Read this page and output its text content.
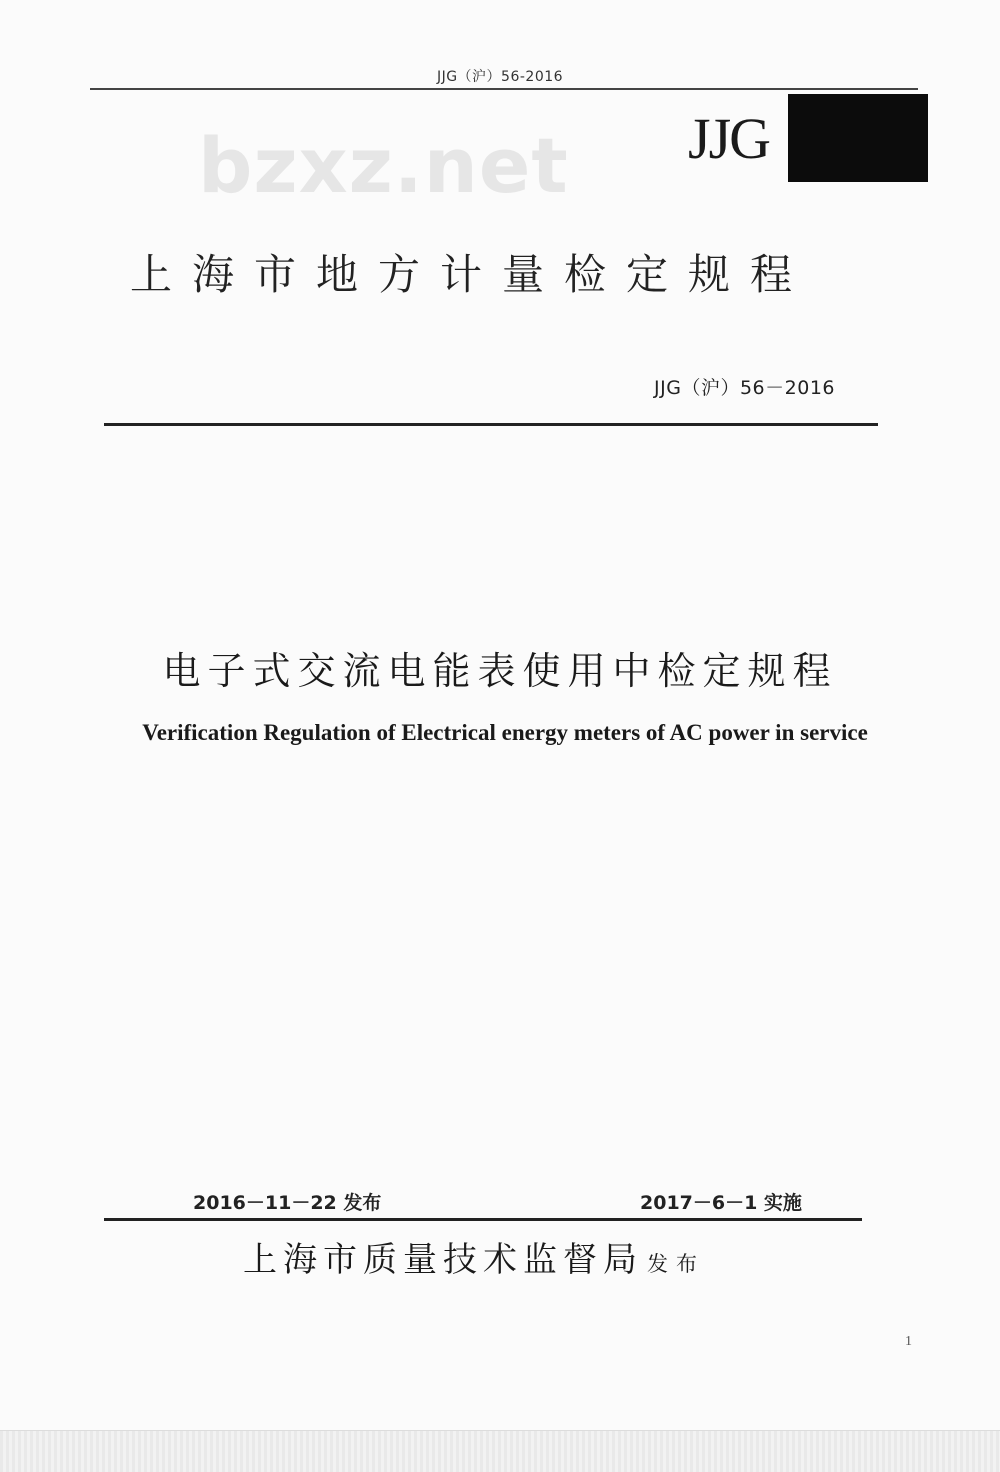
JJG（沪）56-2016
bzxz.net JJG
上海市地方计量检定规程
JJG（沪）56－2016
电子式交流电能表使用中检定规程
Verification Regulation of Electrical energy meters of AC power in service
2016－11－22 发布	2017－6－1 实施
上海市质量技术监督局 发布
1
